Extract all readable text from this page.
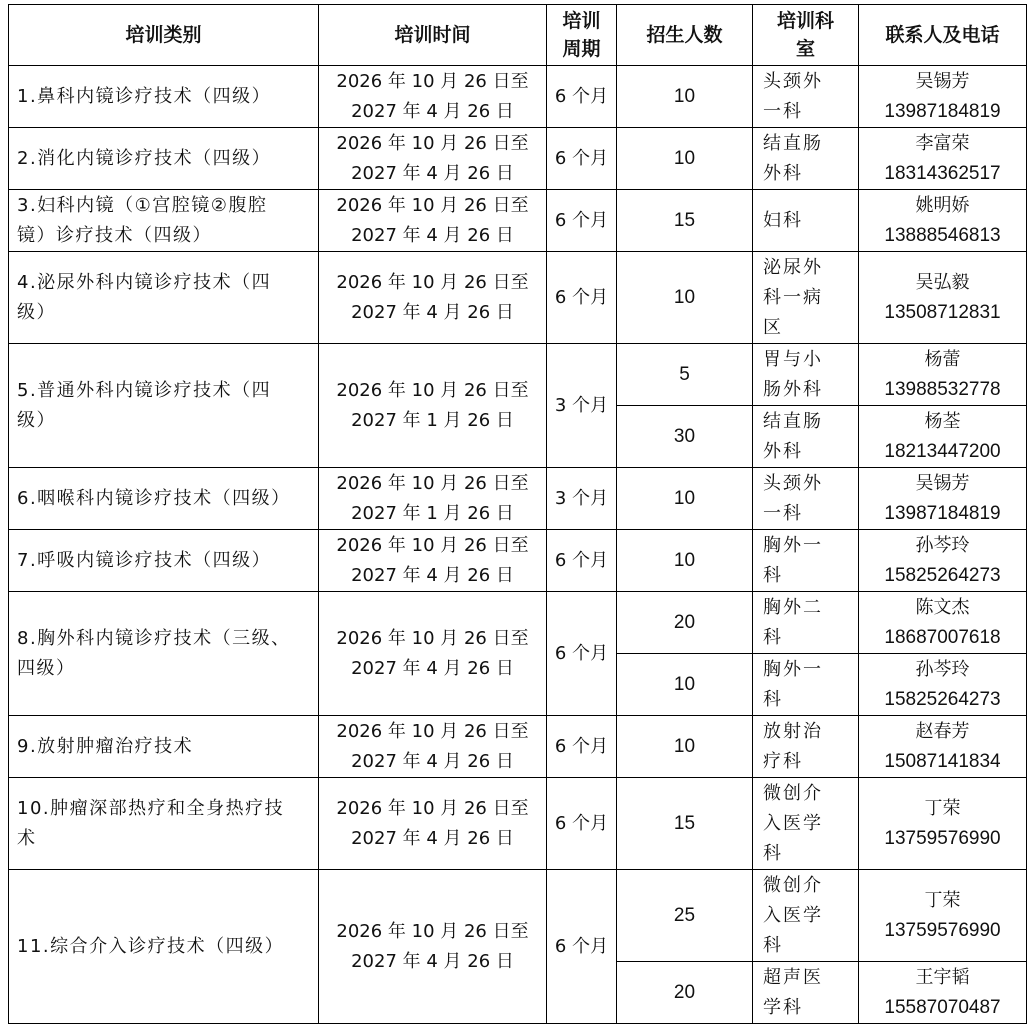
培训类别	培训时间	培训
周期	招生人数	培训科
室	联系人及电话

1.鼻科内镜诊疗技术（四级）	2026 年 10 月 26 日至
2027 年 4 月 26 日	6 个月	10	头颈外
一科	吴锡芳
13987184819

2.消化内镜诊疗技术（四级）	2026 年 10 月 26 日至
2027 年 4 月 26 日	6 个月	10	结直肠
外科	李富荣
18314362517

3.妇科内镜（①宫腔镜②腹腔
镜）诊疗技术（四级）	2026 年 10 月 26 日至
2027 年 4 月 26 日	6 个月	15	妇科	姚明娇
13888546813

4.泌尿外科内镜诊疗技术（四
级）	2026 年 10 月 26 日至
2027 年 4 月 26 日	6 个月	10	泌尿外
科一病
区	吴弘毅
13508712831

5.普通外科内镜诊疗技术（四
级）	2026 年 10 月 26 日至
2027 年 1 月 26 日	3 个月	5	胃与小
肠外科	杨蕾
13988532778

			30	结直肠
外科	杨荃
18213447200

6.咽喉科内镜诊疗技术（四级）	2026 年 10 月 26 日至
2027 年 1 月 26 日	3 个月	10	头颈外
一科	吴锡芳
13987184819

7.呼吸内镜诊疗技术（四级）	2026 年 10 月 26 日至
2027 年 4 月 26 日	6 个月	10	胸外一
科	孙芩玲
15825264273

8.胸外科内镜诊疗技术（三级、
四级）	2026 年 10 月 26 日至
2027 年 4 月 26 日	6 个月	20	胸外二
科	陈文杰
18687007618

			10	胸外一
科	孙芩玲
15825264273

9.放射肿瘤治疗技术	2026 年 10 月 26 日至
2027 年 4 月 26 日	6 个月	10	放射治
疗科	赵春芳
15087141834

10.肿瘤深部热疗和全身热疗技
术	2026 年 10 月 26 日至
2027 年 4 月 26 日	6 个月	15	微创介
入医学
科	丁荣
13759576990

11.综合介入诊疗技术（四级）	2026 年 10 月 26 日至
2027 年 4 月 26 日	6 个月	25	微创介
入医学
科	丁荣
13759576990

			20	超声医
学科	王宇韬
15587070487
